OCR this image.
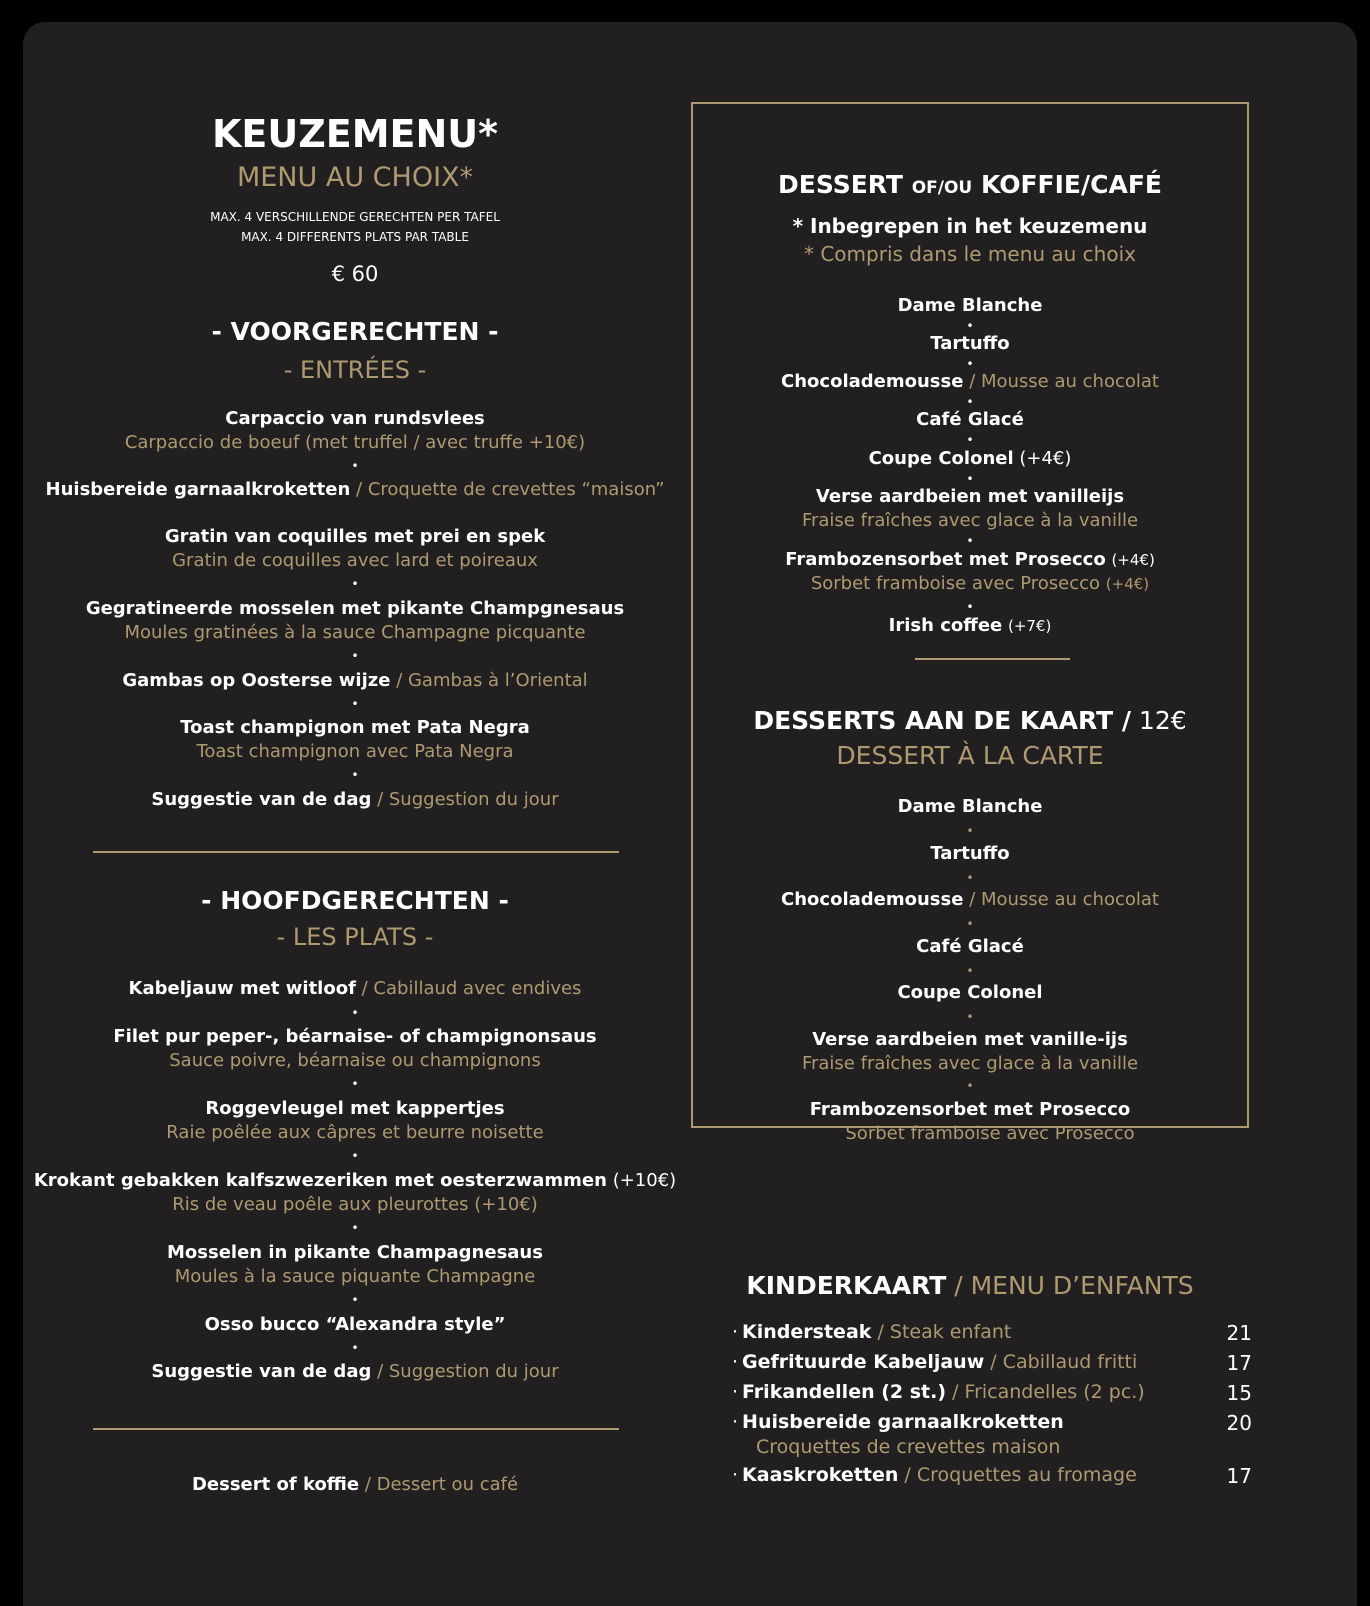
KEUZEMENU*
MENU AU CHOIX*
MAX. 4 VERSCHILLENDE GERECHTEN PER TAFEL
MAX. 4 DIFFERENTS PLATS PAR TABLE
€ 60
- VOORGERECHTEN -
- ENTRÉES -
Carpaccio van rundsvlees
Carpaccio de boeuf (met truffel / avec truffe +10€)
•
Huisbereide garnaalkroketten / Croquette de crevettes “maison”
Gratin van coquilles met prei en spek
Gratin de coquilles avec lard et poireaux
•
Gegratineerde mosselen met pikante Champgnesaus
Moules gratinées à la sauce Champagne picquante
•
Gambas op Oosterse wijze / Gambas à l’Oriental
•
Toast champignon met Pata Negra
Toast champignon avec Pata Negra
•
Suggestie van de dag / Suggestion du jour
- HOOFDGERECHTEN -
- LES PLATS -
Kabeljauw met witloof / Cabillaud avec endives
•
Filet pur peper-, béarnaise- of champignonsaus
Sauce poivre, béarnaise ou champignons
•
Roggevleugel met kappertjes
Raie poêlée aux câpres et beurre noisette
•
Krokant gebakken kalfszwezeriken met oesterzwammen (+10€)
Ris de veau poêle aux pleurottes (+10€)
•
Mosselen in pikante Champagnesaus
Moules à la sauce piquante Champagne
•
Osso bucco “Alexandra style”
•
Suggestie van de dag / Suggestion du jour
Dessert of koffie / Dessert ou café
DESSERT OF/OU KOFFIE/CAFÉ
* Inbegrepen in het keuzemenu
* Compris dans le menu au choix
Dame Blanche
•
Tartuffo
•
Chocolademousse / Mousse au chocolat
•
Café Glacé
•
Coupe Colonel (+4€)
•
Verse aardbeien met vanilleijs
Fraise fraîches avec glace à la vanille
•
Frambozensorbet met Prosecco (+4€)
Sorbet framboise avec Prosecco (+4€)
•
Irish coffee (+7€)
DESSERTS AAN DE KAART / 12€
DESSERT À LA CARTE
Dame Blanche
•
Tartuffo
•
Chocolademousse / Mousse au chocolat
•
Café Glacé
•
Coupe Colonel
•
Verse aardbeien met vanille-ijs
Fraise fraîches avec glace à la vanille
•
Frambozensorbet met Prosecco
Sorbet framboise avec Prosecco
KINDERKAART / MENU D’ENFANTS
· Kindersteak / Steak enfant	21
· Gefrituurde Kabeljauw / Cabillaud fritti	17
· Frikandellen (2 st.) / Fricandelles (2 pc.)	15
· Huisbereide garnaalkroketten	20
Croquettes de crevettes maison
· Kaaskroketten / Croquettes au fromage	17
